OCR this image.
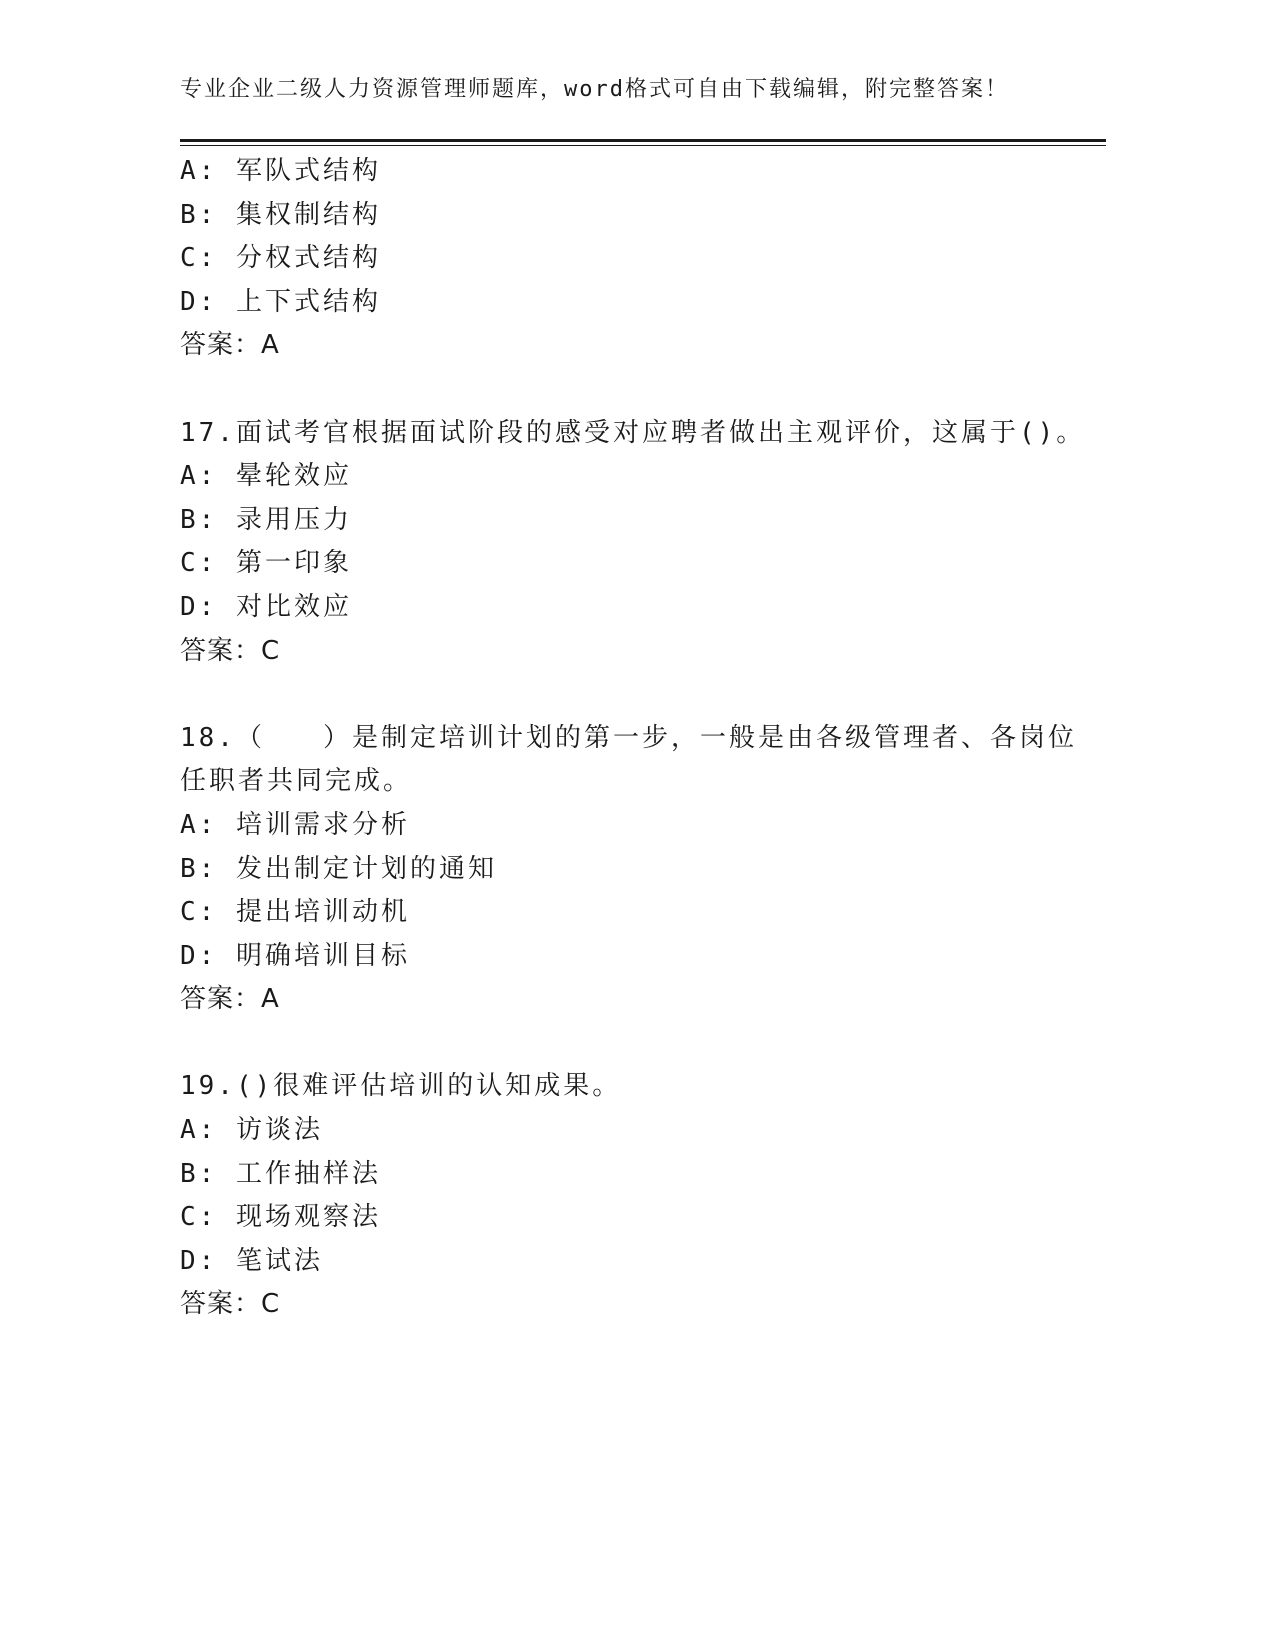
专业企业二级人力资源管理师题库，word格式可自由下载编辑，附完整答案！
A: 军队式结构
B: 集权制结构
C: 分权式结构
D: 上下式结构
答案：A
17.面试考官根据面试阶段的感受对应聘者做出主观评价，这属于()。
A: 晕轮效应
B: 录用压力
C: 第一印象
D: 对比效应
答案：C
18.（　　）是制定培训计划的第一步，一般是由各级管理者、各岗位
任职者共同完成。
A: 培训需求分析
B: 发出制定计划的通知
C: 提出培训动机
D: 明确培训目标
答案：A
19.()很难评估培训的认知成果。
A: 访谈法
B: 工作抽样法
C: 现场观察法
D: 笔试法
答案：C
